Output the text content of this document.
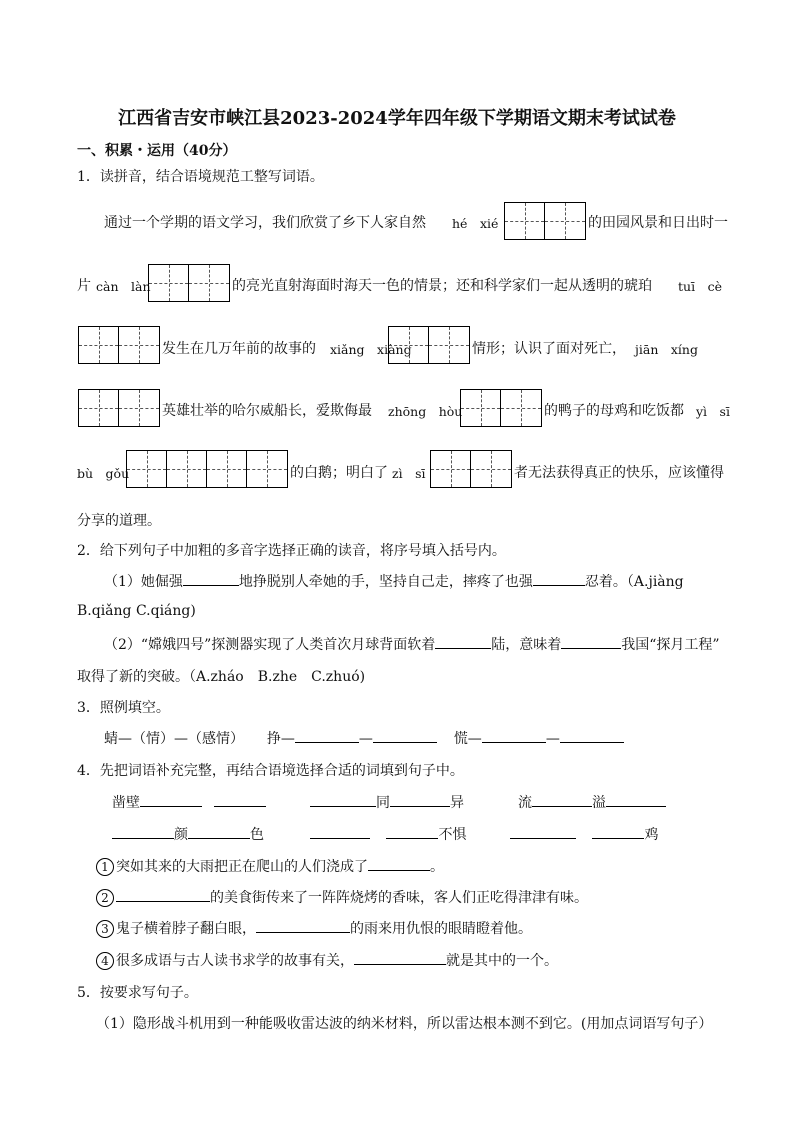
江西省吉安市峡江县2023-2024学年四年级下学期语文期末考试试卷
一、积累・运用（40分）
1．读拼音，结合语境规范工整写词语。
通过一个学期的语文学习，我们欣赏了乡下人家自然 hé　xié	的田园风景和日出时一
片 càn　làn	的亮光直射海面时海天一色的情景；还和科学家们一起从透明的琥珀 tuī　cè
发生在几万年前的故事的 xiǎng　xiàng	情形；认识了面对死亡， jiān　xíng
英雄壮举的哈尔威船长，爱欺侮最 zhōng　hòu	的鸭子的母鸡和吃饭都 yì　sī
bù　gǒu	的白鹅；明白了 zì　sī	者无法获得真正的快乐，应该懂得
分享的道理。
2．给下列句子中加粗的多音字选择正确的读音，将序号填入括号内。
（1）她倔强	地挣脱别人牵她的手，坚持自己走，摔疼了也强	忍着。（A.jiàng
B.qiǎng C.qiáng)
（2）“嫦娥四号”探测器实现了人类首次月球背面软着	陆，意味着	我国“探月工程”
取得了新的突破。（A.zháo　B.zhe　C.zhuó)
3．照例填空。
蜻—（情）—（感情） 挣—	—	慌—	—
4．先把词语补充完整，再结合语境选择合适的词填到句子中。
凿壁	同	异	流	溢
颜	色	不惧	鸡
1 突如其来的大雨把正在爬山的人们浇成了	。
2	的美食街传来了一阵阵烧烤的香味，客人们正吃得津津有味。
3 鬼子横着脖子翻白眼，	的雨来用仇恨的眼睛瞪着他。
4 很多成语与古人读书求学的故事有关，	就是其中的一个。
5．按要求写句子。
（1）隐形战斗机用到一种能吸收雷达波的纳米材料，所以雷达根本测不到它。(用加点词语写句子）
